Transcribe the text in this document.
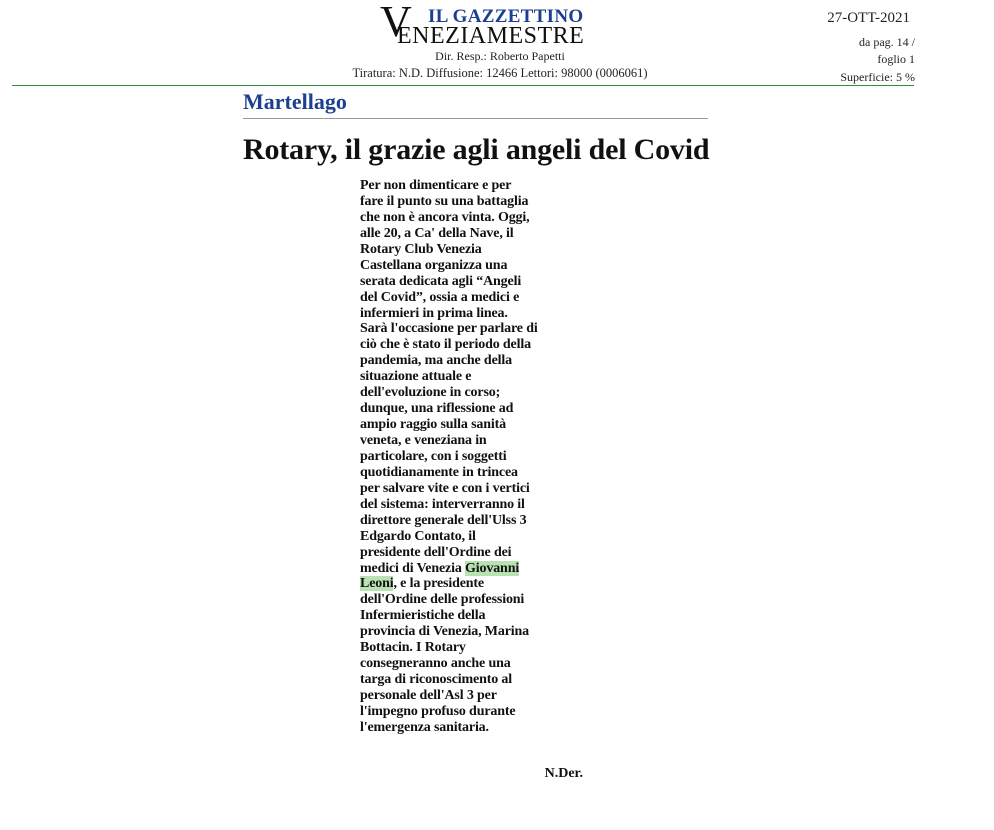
V IL GAZZETTINO
ENEZIAMESTRE
Dir. Resp.: Roberto Papetti
Tiratura: N.D. Diffusione: 12466 Lettori: 98000 (0006061)
27-OTT-2021
da pag. 14 /
foglio 1
Superficie: 5 %
_
Martellago
Rotary, il grazie agli angeli del Covid
Per non dimenticare e per
fare il punto su una battaglia
che non è ancora vinta. Oggi,
alle 20, a Ca' della Nave, il
Rotary Club Venezia
Castellana organizza una
serata dedicata agli “Angeli
del Covid”, ossia a medici e
infermieri in prima linea.
Sarà l'occasione per parlare di
ciò che è stato il periodo della
pandemia, ma anche della
situazione attuale e
dell'evoluzione in corso;
dunque, una riflessione ad
ampio raggio sulla sanità
veneta, e veneziana in
particolare, con i soggetti
quotidianamente in trincea
per salvare vite e con i vertici
del sistema: interverranno il
direttore generale dell'Ulss 3
Edgardo Contato, il
presidente dell'Ordine dei
medici di Venezia Giovanni
Leoni, e la presidente
dell'Ordine delle professioni
Infermieristiche della
provincia di Venezia, Marina
Bottacin. I Rotary
consegneranno anche una
targa di riconoscimento al
personale dell'Asl 3 per
l'impegno profuso durante
l'emergenza sanitaria.
N.Der.
